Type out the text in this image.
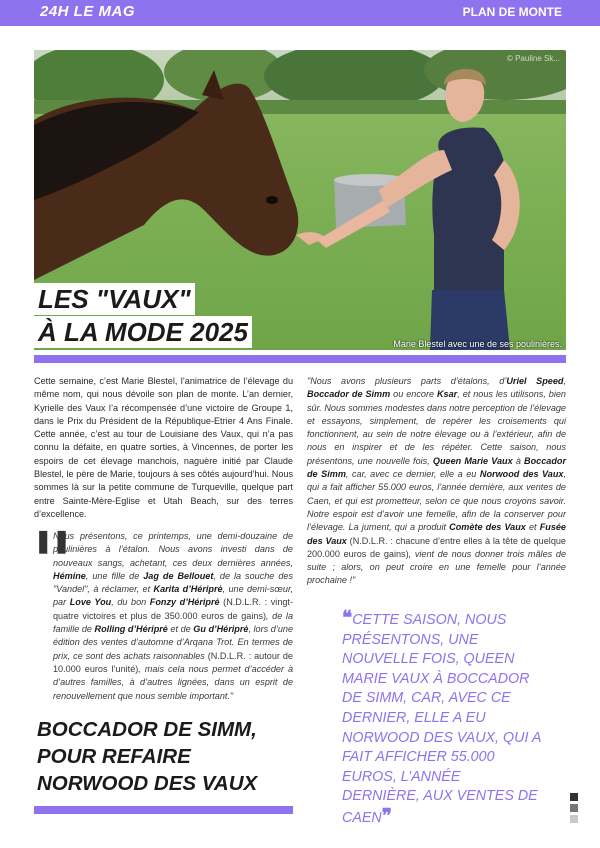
24H LE MAG	PLAN DE MONTE
© Pauline Sk...
Marie Blestel avec une de ses poulinières.
LES "VAUX"
À LA MODE 2025

Cette semaine, c’est Marie Blestel, l’animatrice de l’élevage du même nom, qui nous dévoile son plan de monte. L’an dernier, Kyrielle des Vaux l’a récompensée d’une victoire de Groupe 1, dans le Prix du Président de la République-Etrier 4 Ans Finale. Cette année, c’est au tour de Louisiane des Vaux, qui n’a pas connu la défaite, en quatre sorties, à Vincennes, de porter les espoirs de cet élevage manchois, naguère initié par Claude Blestel, le père de Marie, toujours à ses côtés aujourd’hui. Nous sommes là sur la petite commune de Turqueville, quelque part entre Sainte-Mère-Eglise et Utah Beach, sur des terres d’excellence.

❚❚

Nous présentons, ce printemps, une demi-douzaine de poulinières à l’étalon. Nous avons investi dans de nouveaux sangs, achetant, ces deux dernières années, Hémine, une fille de Jag de Bellouet, de la souche des "Vandel", à réclamer, et Karita d’Hériprė, une demi-sœur, par Love You, du bon Fonzy d’Hériprė (N.D.L.R. : vingt-quatre victoires et plus de 350.000 euros de gains), de la famille de Rolling d’Hériprė et de Gu d’Hériprė, lors d’une édition des ventes d’automne d’Arqana Trot. En termes de prix, ce sont des achats raisonnables (N.D.L.R. : autour de 10.000 euros l’unité), mais cela nous permet d’accéder à d’autres familles, à d’autres lignées, dans un esprit de renouvellement que nous semble important."

BOCCADOR DE SIMM, POUR REFAIRE NORWOOD DES VAUX

"Nous avons plusieurs parts d’étalons, d’Uriel Speed, Boccador de Simm ou encore Ksar, et nous les utilisons, bien sûr. Nous sommes modestes dans notre perception de l’élevage et essayons, simplement, de repérer les croisements qui fonctionnent, au sein de notre élevage ou à l’extérieur, afin de nous en inspirer et de les répéter. Cette saison, nous présentons, une nouvelle fois, Queen Marie Vaux à Boccador de Simm, car, avec ce dernier, elle a eu Norwood des Vaux, qui a fait afficher 55.000 euros, l’année dernière, aux ventes de Caen, et qui est prometteur, selon ce que nous croyons savoir. Notre espoir est d’avoir une femelle, afin de la conserver pour l’élevage. La jument, qui a produit Comète des Vaux et Fusée des Vaux (N.D.L.R. : chacune d’entre elles à la tête de quelque 200.000 euros de gains), vient de nous donner trois mâles de suite ; alors, on peut croire en une femelle pour l’année prochaine !"

❝CETTE SAISON, NOUS PRÉSENTONS, UNE NOUVELLE FOIS, QUEEN MARIE VAUX À BOCCADOR DE SIMM, CAR, AVEC CE DERNIER, ELLE A EU NORWOOD DES VAUX, QUI A FAIT AFFICHER 55.000 EUROS, L’ANNÉE DERNIÈRE, AUX VENTES DE CAEN❞
